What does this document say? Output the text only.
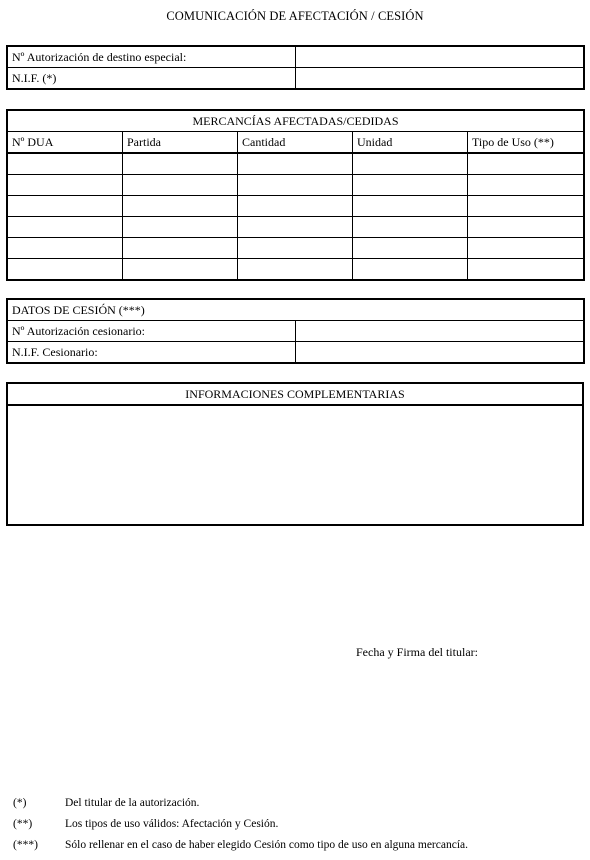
COMUNICACIÓN DE AFECTACIÓN / CESIÓN
Nº Autorización de destino especial:	
N.I.F. (*)	
MERCANCÍAS AFECTADAS/CEDIDAS				
Nº DUA	Partida	Cantidad	Unidad	Tipo de Uso (**)

DATOS DE CESIÓN (***)	
Nº Autorización cesionario:	
N.I.F. Cesionario:	
INFORMACIONES COMPLEMENTARIAS

Fecha y Firma del titular:
(*)	Del titular de la autorización.
(**)	Los tipos de uso válidos: Afectación y Cesión.
(***) Sólo rellenar en el caso de haber elegido Cesión como tipo de uso en alguna mercancía.
